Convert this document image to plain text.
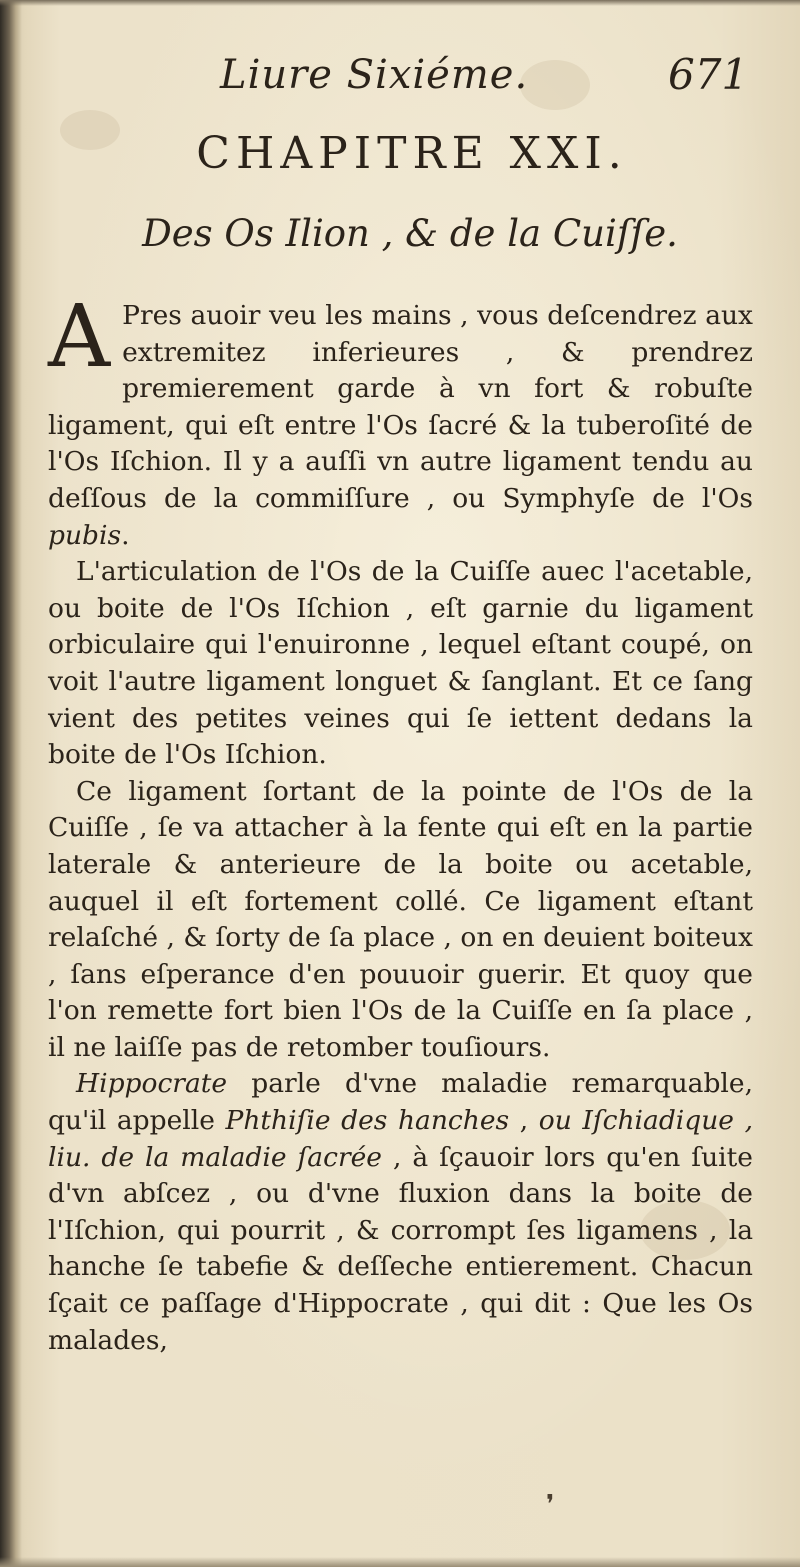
Liure Sixiéme.	671
CHAPITRE XXI.
Des Os Ilion , & de la Cuiſſe.

A Pres auoir veu les mains , vous deſcendrez aux extremitez inferieures , & prendrez premierement garde à vn fort & robuſte ligament, qui eſt entre l'Os ſacré & la tuberoſité de l'Os Iſchion. Il y a auſſi vn autre ligament tendu au deſſous de la commiſſure , ou Symphyſe de l'Os pubis.

L'articulation de l'Os de la Cuiſſe auec l'acetable, ou boite de l'Os Iſchion , eſt garnie du ligament orbiculaire qui l'enuironne , lequel eſtant coupé, on voit l'autre ligament longuet & ſanglant. Et ce ſang vient des petites veines qui ſe iettent dedans la boite de l'Os Iſchion.

Ce ligament ſortant de la pointe de l'Os de la Cuiſſe , ſe va attacher à la fente qui eſt en la partie laterale & anterieure de la boite ou acetable, auquel il eſt fortement collé. Ce ligament eſtant relaſché , & ſorty de ſa place , on en deuient boiteux , ſans eſperance d'en pouuoir guerir. Et quoy que l'on remette fort bien l'Os de la Cuiſſe en ſa place , il ne laiſſe pas de retomber touſiours.

Hippocrate parle d'vne maladie remarquable, qu'il appelle Phthiſie des hanches , ou Iſchiadique , liu. de la maladie ſacrée , à ſçauoir lors qu'en ſuite d'vn abſcez , ou d'vne fluxion dans la boite de l'Iſchion, qui pourrit , & corrompt ſes ligamens , la hanche ſe tabefie & deſſeche entierement. Chacun ſçait ce paſſage d'Hippocrate , qui dit : Que les Os malades,

❜
